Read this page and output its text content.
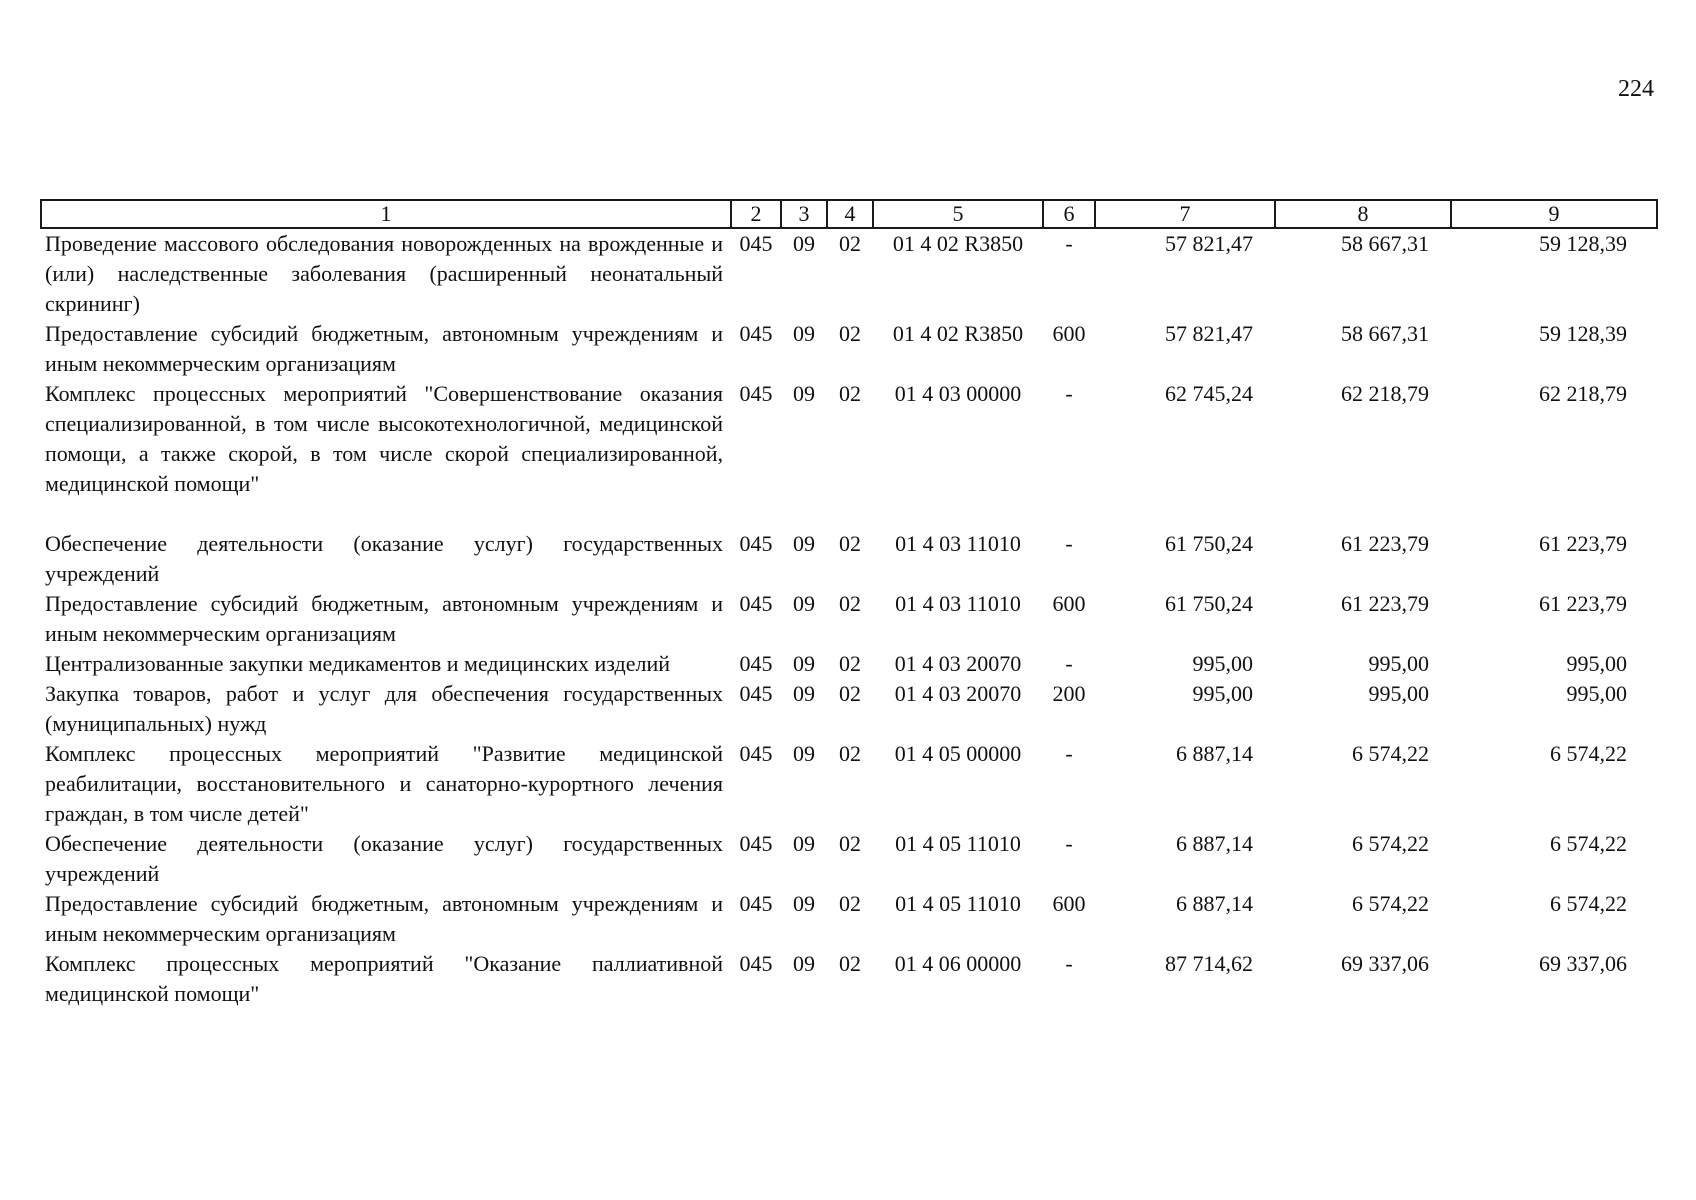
224
1	2	3	4	5	6	7	8	9
Проведение массового обследования новорожденных на врожденные и (или) наследственные заболевания (расширенный неонатальный скрининг)	045	09	02	01 4 02 R3850	-	57 821,47	58 667,31	59 128,39
Предоставление субсидий бюджетным, автономным учреждениям и иным некоммерческим организациям	045	09	02	01 4 02 R3850	600	57 821,47	58 667,31	59 128,39
Комплекс процессных мероприятий "Совершенствование оказания специализированной, в том числе высокотехнологичной, медицинской помощи, а также скорой, в том числе скорой специализированной, медицинской помощи"	045	09	02	01 4 03 00000	-	62 745,24	62 218,79	62 218,79
Обеспечение деятельности (оказание услуг) государственных учреждений	045	09	02	01 4 03 11010	-	61 750,24	61 223,79	61 223,79
Предоставление субсидий бюджетным, автономным учреждениям и иным некоммерческим организациям	045	09	02	01 4 03 11010	600	61 750,24	61 223,79	61 223,79
Централизованные закупки медикаментов и медицинских изделий	045	09	02	01 4 03 20070	-	995,00	995,00	995,00
Закупка товаров, работ и услуг для обеспечения государственных (муниципальных) нужд	045	09	02	01 4 03 20070	200	995,00	995,00	995,00
Комплекс процессных мероприятий "Развитие медицинской реабилитации, восстановительного и санаторно-курортного лечения граждан, в том числе детей"	045	09	02	01 4 05 00000	-	6 887,14	6 574,22	6 574,22
Обеспечение деятельности (оказание услуг) государственных учреждений	045	09	02	01 4 05 11010	-	6 887,14	6 574,22	6 574,22
Предоставление субсидий бюджетным, автономным учреждениям и иным некоммерческим организациям	045	09	02	01 4 05 11010	600	6 887,14	6 574,22	6 574,22
Комплекс процессных мероприятий "Оказание паллиативной медицинской помощи"	045	09	02	01 4 06 00000	-	87 714,62	69 337,06	69 337,06
